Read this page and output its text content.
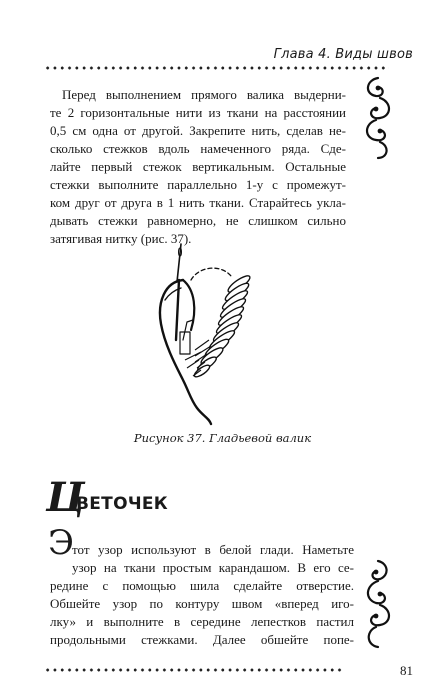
Глава 4. Виды швов
Перед выполнением прямого валика выдерни-
те 2 горизонтальные нити из ткани на расстоянии
0,5 см одна от другой. Закрепите нить, сделав не-
сколько стежков вдоль намеченного ряда. Сде-
лайте первый стежок вертикальным. Остальные
стежки выполните параллельно 1-у с промежут-
ком друг от друга в 1 нить ткани. Старайтесь укла-
дывать стежки равномерно, не слишком сильно
затягивая нитку (рис. 37).
Рисунок 37. Гладьевой валик
Ц
ВЕТОЧЕК
Э
тот узор используют в белой глади. Наметьте
узор на ткани простым карандашом. В его се-
редине с помощью шила сделайте отверстие.
Обшейте узор по контуру швом «вперед иго-
лку» и выполните в середине лепестков пастил
продольными стежками. Далее обшейте попе-
81
